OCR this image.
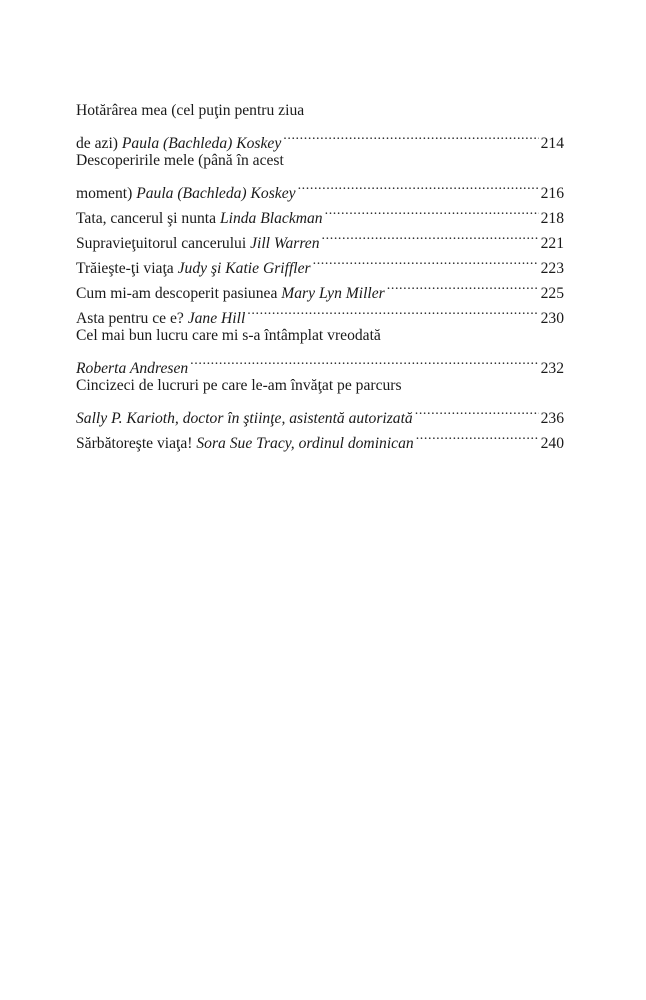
Hotărârea mea (cel puţin pentru ziua
de azi) Paula (Bachleda) Koskey .....	214
Descoperirile mele (până în acest
moment) Paula (Bachleda) Koskey .....	216
Tata, cancerul şi nunta Linda Blackman .....	218
Supravieţuitorul cancerului Jill Warren .....	221
Trăieşte-ţi viaţa Judy şi Katie Griffler .....	223
Cum mi-am descoperit pasiunea Mary Lyn Miller .....	225
Asta pentru ce e? Jane Hill .....	230
Cel mai bun lucru care mi s-a întâmplat vreodată
Roberta Andresen .....	232
Cincizeci de lucruri pe care le-am învăţat pe parcurs
Sally P. Karioth, doctor în ştiinţe, asistentă autorizată .....	236
Sărbătoreşte viaţa! Sora Sue Tracy, ordinul dominican .....	240
